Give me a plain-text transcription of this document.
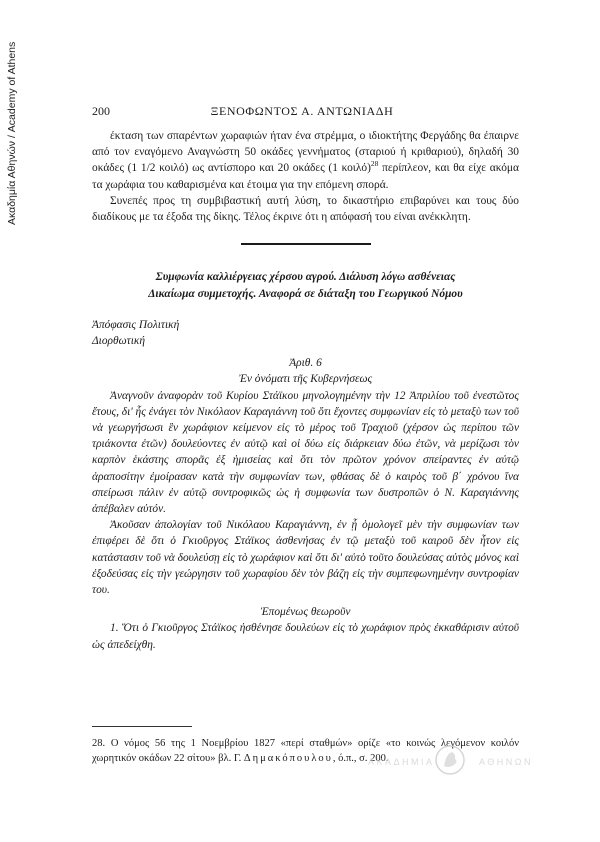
Ακαδημία Αθηνών / Academy of Athens	200	ΞΕΝΟΦΩΝΤΟΣ Α. ΑΝΤΩΝΙΑΔΗ

έκταση των σπαρέντων χωραφιών ήταν ένα στρέμμα, ο ιδιοκτήτης Φεργάδης θα έπαιρνε από τον εναγόμενο Αναγνώστη 50 οκάδες γεννήματος (σταριού ή κριθαριού), δηλαδή 30 οκάδες (1 1/2 κοιλό) ως αντίσπορο και 20 οκάδες (1 κοιλό)$^{28}$ περίπλεον, και θα είχε ακόμα τα χωράφια του καθαρισμένα και έτοιμα για την επόμενη σπορά.

Συνεπές προς τη συμβιβαστική αυτή λύση, το δικαστήριο επιβαρύνει και τους δύο διαδίκους με τα έξοδα της δίκης. Τέλος έκρινε ότι η απόφασή του είναι ανέκκλητη.

Συμφωνία καλλιέργειας χέρσου αγρού. Διάλυση λόγω ασθένειας

Δικαίωμα συμμετοχής. Αναφορά σε διάταξη του Γεωργικού Νόμου

Ἀπόφασις Πολιτική

Διορθωτική

Ἀριθ. 6

Ἐν ὀνόματι τῆς Κυβερνήσεως

Ἀναγνοῦν ἀναφορὰν τοῦ Κυρίου Στάϊκου μηνολογημένην τὴν 12 Ἀπριλίου τοῦ ἐνεστῶτος ἔτους, δι' ἧς ἐνάγει τὸν Νικόλαον Καραγιάννη τοῦ ὅτι ἔχοντες συμφωνίαν εἰς τὸ μεταξὺ των τοῦ νὰ γεωργήσωσι ἓν χωράφιον κείμενον εἰς τὸ μέρος τοῦ Τραχιοῦ (χέρσον ὡς περίπου τῶν τριάκοντα ἐτῶν) δουλεύοντες ἐν αὐτῷ καὶ οἱ δύω εἰς διάρκειαν δύω ἐτῶν, νὰ μερίζωσι τὸν καρπὸν ἑκάστης σπορᾶς ἐξ ἡμισείας καὶ ὅτι τὸν πρῶτον χρόνον σπείραντες ἐν αὐτῷ ἀραποσίτην ἐμοίρασαν κατὰ τὴν συμφωνίαν των, φθάσας δὲ ὁ καιρὸς τοῦ β΄ χρόνου ἵνα σπείρωσι πάλιν ἐν αὐτῷ συντροφικῶς ὡς ἡ συμφωνία των δυστροπῶν ὁ Ν. Καραγιάννης ἀπέβαλεν αὐτόν.

Ἀκοῦσαν ἀπολογίαν τοῦ Νικόλαου Καραγιάννη, ἐν ᾗ ὁμολογεῖ μὲν τὴν συμφωνίαν των ἐπιφέρει δὲ ὅτι ὁ Γκιοῦργος Στάϊκος ἀσθενήσας ἐν τῷ μεταξὺ τοῦ καιροῦ δὲν ἦτον εἰς κατάστασιν τοῦ νὰ δουλεύσῃ εἰς τὸ χωράφιον καὶ ὅτι δι' αὐτὸ τοῦτο δουλεύσας αὐτὸς μόνος καὶ ἐξοδεύσας εἰς τὴν γεώργησιν τοῦ χωραφίου δὲν τὸν βάζη εἰς τὴν συμπεφωνημένην συντροφίαν του.

Ἑπομένως θεωροῦν

1. Ὅτι ὁ Γκιοῦργος Στάϊκος ἠσθένησε δουλεύων εἰς τὸ χωράφιον πρὸς ἐκκαθάρισιν αὐτοῦ ὡς ἀπεδείχθη.

28. Ο νόμος 56 της 1 Νοεμβρίου 1827 «περί σταθμών» ορίζε «το κοινώς λεγόμενον κοιλόν χωρητικόν οκάδων 22 σίτου» βλ. Γ. Δημακόπουλου, ό.π., σ. 200.

ΑΚΑΔΗΜΙΑ	ΑΘΗΝΩΝ
